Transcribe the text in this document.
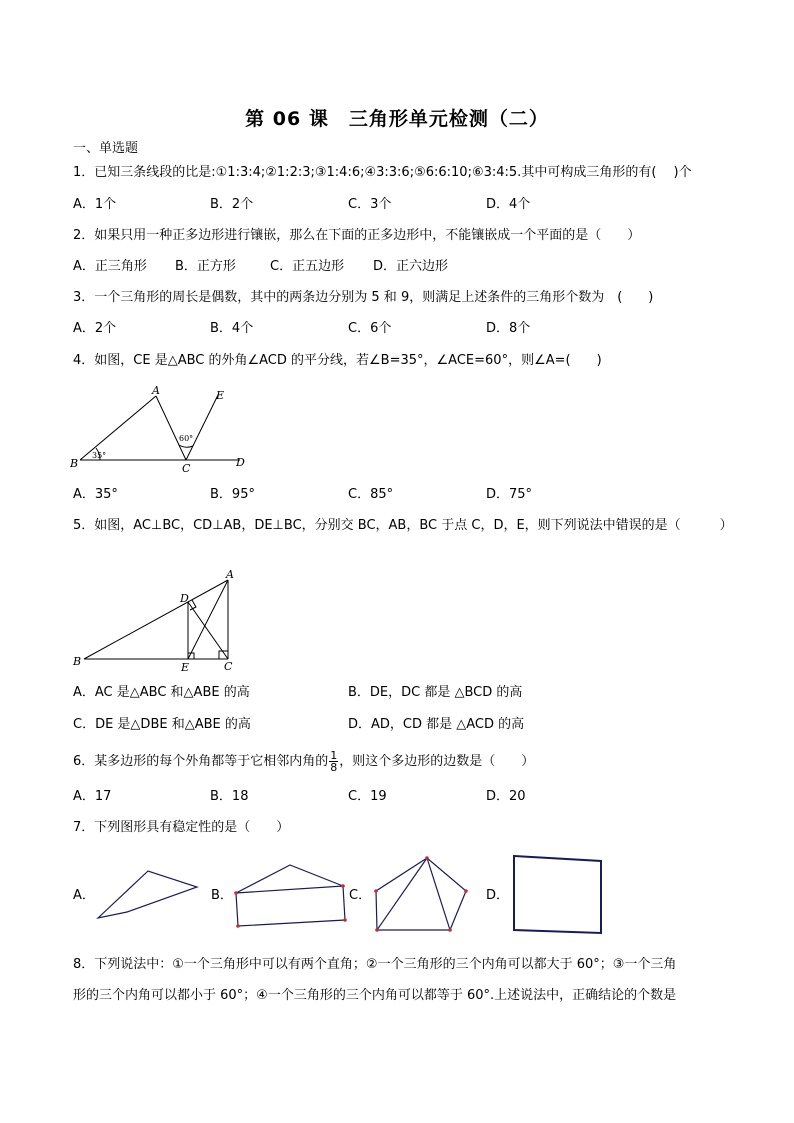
第 06 课　三角形单元检测（二）
一、单选题
1．已知三条线段的比是:①1:3:4;②1:2:3;③1:4:6;④3:3:6;⑤6:6:10;⑥3:4:5.其中可构成三角形的有(　 )个
A．1个	B．2个	C．3个	D．4个
2．如果只用一种正多边形进行镶嵌，那么在下面的正多边形中，不能镶嵌成一个平面的是（　　）
A．正三角形 B．正方形	C．正五边形 D．正六边形
3．一个三角形的周长是偶数，其中的两条边分别为 5 和 9，则满足上述条件的三角形个数为　(　　)
A．2个	B．4个	C．6个	D．8个
4．如图，CE 是△ABC 的外角∠ACD 的平分线，若∠B=35°，∠ACE=60°，则∠A=(　　)
A
B	C	D
E
35°
60°
A．35°	B．95°	C．85°	D．75°
5．如图，AC⊥BC，CD⊥AB，DE⊥BC，分别交 BC，AB，BC 于点 C，D，E，则下列说法中错误的是（　　　）
A
B	C
D
E
A．AC 是△ABC 和△ABE 的高	B．DE，DC 都是 △BCD 的高
C．DE 是△DBE 和△ABE 的高	D．AD，CD 都是 △ACD 的高
6．某多边形的每个外角都等于它相邻内角的 $\frac{1}{8}$ ，则这个多边形的边数是（　　）
A．17	B．18	C．19	D．20
7．下列图形具有稳定性的是（　　）
A．	B．	C．	D．
8．下列说法中：①一个三角形中可以有两个直角；②一个三角形的三个内角可以都大于 60°；③一个三角
形的三个内角可以都小于 60°；④一个三角形的三个内角可以都等于 60°.上述说法中，正确结论的个数是
